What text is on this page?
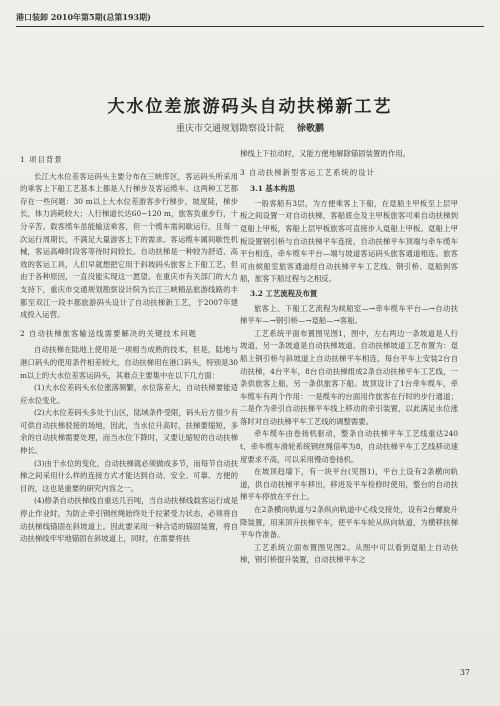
港口装卸 2010年第5期(总第193期)
大水位差旅游码头自动扶梯新工艺
重庆市交通规划勘察设计院 徐敬鹏
1 项目背景

长江大水位差客运码头主要分布在三峡库区，客运码头所采用的乘客上下船工艺基本上都是人行梯步及客运缆车。这两种工艺都存在一些问题：30 m以上大水位差游客步行梯步，坡度陡，梯步长，体力消耗较大；人行梯道长达60~120 m，旅客负重步行，十分辛苦。载客缆车虽能输送乘客，但一个缆车需间歇运行，且每一次运行周期长，不满足大量游客上下的需求。客运缆车属间歇性机械，客运高峰时段客等待时间较长。自动扶梯是一种较为舒适、高效的客运工具，人们早就想把它用于斜坡码头旅客上下船工艺，但由于各种原因，一直没能实现这一愿望。在重庆市有关部门的大力支持下，重庆市交通规划勘察设计院为长江三峡精品旅游线路的丰都至双江一段丰都旅游码头设计了自动扶梯新工艺，于2007年建成投入运营。

2 自动扶梯旅客输送线需要解决的关键技术问题

自动扶梯在陆地上使用是一项相当成熟的技术，但是，陆地与港口码头的使用条件相差较大，自动扶梯用在港口码头，特别是30 m以上的大水位差客运码头，其难点主要集中在以下几方面：

(1)大水位差码头水位涨落频繁，水位落差大，自动扶梯要能适应水位变化。

(2)大水位差码头多处于山区，陆域条件受限，码头后方很少有可供自动扶梯驳接的场地，因此，当水位升高时，扶梯要缩短，多余的自动扶梯需要处理，而当水位下降时，又要让缩短的自动扶梯伸长。

(3)由于水位的变化，自动扶梯就必须做成多节，而每节自动扶梯之间采用什么样的连接方式才能达到自动、安全、可靠、方便的目的，这也是重要的研究内容之一。

(4)修条自动扶梯线自重达几百吨，当自动扶梯线载客运行或是停止作业时，为防止牵引钢丝绳始终处于拉紧受力状态，必须将自动扶梯线锚固在斜坡道上。因此要采用一种合适的锚固装置，将自动扶梯线牢牢地锚固在斜坡道上，同时，在需要将扶

梯线上下拉动时，又能方便地解除锚固装置的作用。

3 自动扶梯新型客运工艺系统的设计
3.1 基本构思

一般客船有3层，为方便乘客上下船，在趸船主甲板至上层甲板之间设置一对自动扶梯，客船底仓及主甲板旅客可乘自动扶梯到趸船上甲板，客船上层甲板旅客可直接步入趸船上甲板。趸船上甲板设置钢引桥与自动扶梯平车连接，自动扶梯平车顶端与牵车缆车平台相连，牵车缆车平台—端与坡道客运码头旅客通道相连。旅客可由候船室旅客通道经自动扶梯平车工艺线、钢引桥、趸船到客船，旅客下船过程与之相反。

3.2 工艺流程及布置

旅客上、下船工艺流程为候船室—→牵车缆车平台—→自动扶梯平车—→钢引桥—→趸船—→客船。

工艺系统平面布置图见图1，图中，左右两边一条坡道是人行坡道，另一条坡道是自动扶梯坡道。自动扶梯坡道工艺布置为：趸船上钢引桥与斜坡道上自动扶梯平车相连，每台平车上安装2台自动扶梯，4台平车，8台自动扶梯组成2条自动扶梯平车工艺线，一条供旅客上船，另一条供旅客下船。坡顶设计了1台牵车缆车，牵车缆车有两个作用：一是缆车的台面用作旅客在行时的步行通道；二是作为牵引自动扶梯平车线上移动的牵引装置，以此满足水位涨落时对自动扶梯平车工艺线的调整需要。

牵车缆车由卷扬机驱动，整条自动扶梯平车工艺线重达240 t，牵车缆车滑轮系统钢丝绳倍率为8，自动扶梯平车工艺线移动速度要求不高，可以采用慢动卷扬机。

在坡顶趋墙下，有一块平台(见图1)，平台上设有2条横向轨道，供自动扶梯平车移出，移进及平车检修时使用，整台的自动扶梯平车停放在平台上。

在2条横向轨道与2条纵向轨道中心线交接处，设有2台螺旋升降装置，用来顶升扶梯平车，使平车车轮从纵向轨道，为横移扶梯平车作准备。

工艺系统立面布置图见图2。从图中可以看到趸船上自动扶梯，钢引桥提升装置，自动扶梯平车之

37
